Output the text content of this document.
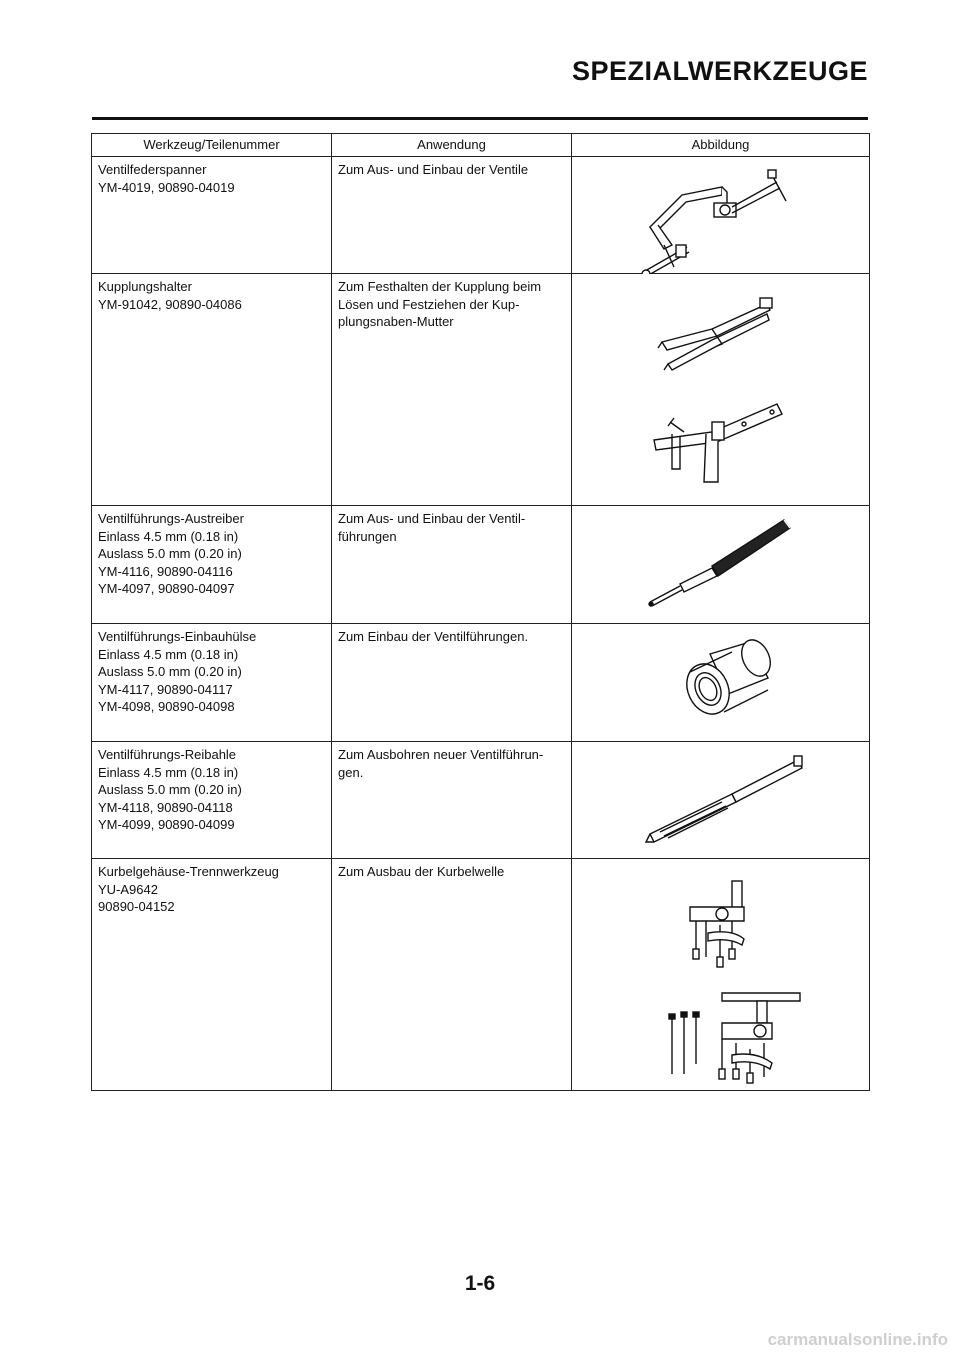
SPEZIALWERKZEUGE
Werkzeug/Teilenummer	Anwendung	Abbildung

Ventilfederspanner
YM-4019, 90890-04019	Zum Aus- und Einbau der Ventile

Kupplungshalter
YM-91042, 90890-04086	Zum Festhalten der Kupplung beim
Lösen und Festziehen der Kup-
plungsnaben-Mutter

Ventilführungs-Austreiber
Einlass 4.5 mm (0.18 in)
Auslass 5.0 mm (0.20 in)
YM-4116, 90890-04116
YM-4097, 90890-04097	Zum Aus- und Einbau der Ventil-
führungen

Ventilführungs-Einbauhülse
Einlass 4.5 mm (0.18 in)
Auslass 5.0 mm (0.20 in)
YM-4117, 90890-04117
YM-4098, 90890-04098	Zum Einbau der Ventilführungen.

Ventilführungs-Reibahle
Einlass 4.5 mm (0.18 in)
Auslass 5.0 mm (0.20 in)
YM-4118, 90890-04118
YM-4099, 90890-04099	Zum Ausbohren neuer Ventilführun-
gen.

Kurbelgehäuse-Trennwerkzeug
YU-A9642
90890-04152	Zum Ausbau der Kurbelwelle

1-6
carmanualsonline.info
